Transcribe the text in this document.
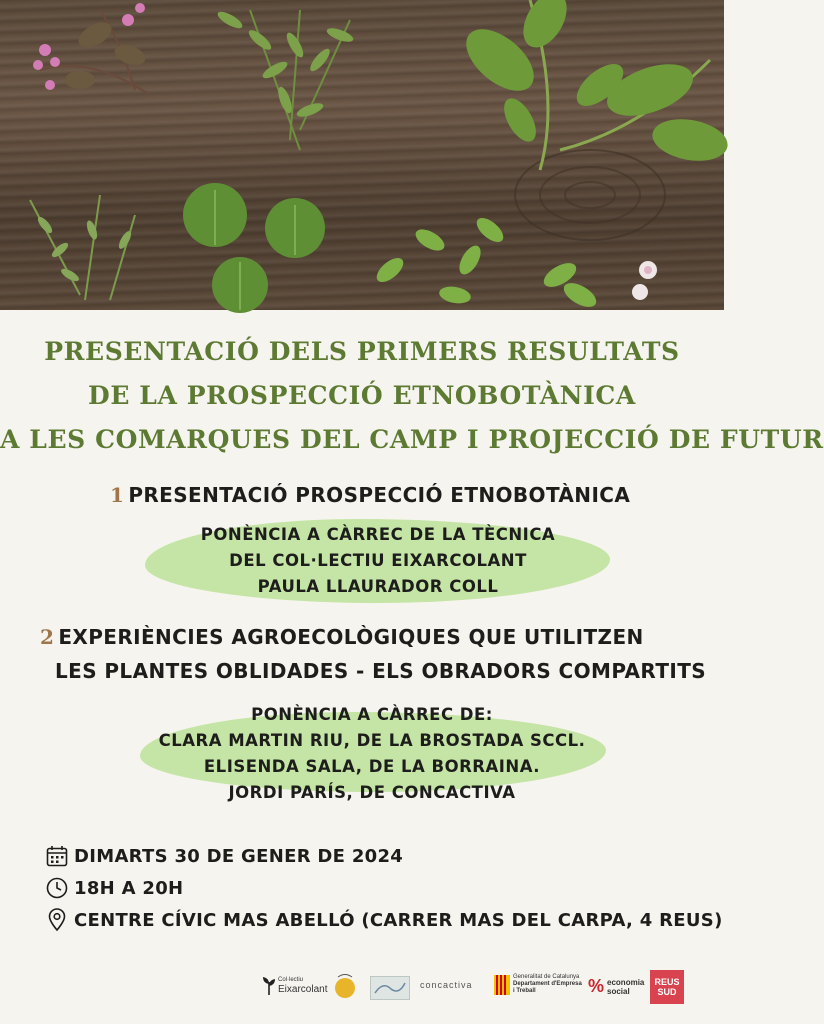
PRESENTACIÓ DELS PRIMERS RESULTATS
DE LA PROSPECCIÓ ETNOBOTÀNICA
A LES COMARQUES DEL CAMP I PROJECCIÓ DE FUTUR
1 PRESENTACIÓ PROSPECCIÓ ETNOBOTÀNICA
PONÈNCIA A CÀRREC DE LA TÈCNICA
DEL COL·LECTIU EIXARCOLANT
PAULA LLAURADOR COLL
2 EXPERIÈNCIES AGROECOLÒGIQUES QUE UTILITZEN
LES PLANTES OBLIDADES - ELS OBRADORS COMPARTITS
PONÈNCIA A CÀRREC DE:
CLARA MARTIN RIU, DE LA BROSTADA SCCL.
ELISENDA SALA, DE LA BORRAINA.
JORDI PARÍS, DE CONCACTIVA
DIMARTS 30 DE GENER DE 2024
18H A 20H
CENTRE CÍVIC MAS ABELLÓ (CARRER MAS DEL CARPA, 4 REUS)
Col·lectiu
Eixarcolant	concactiva
Generalitat de Catalunya
Departament d'Empresa
i Treball	% economia
social
REUS
SUD
